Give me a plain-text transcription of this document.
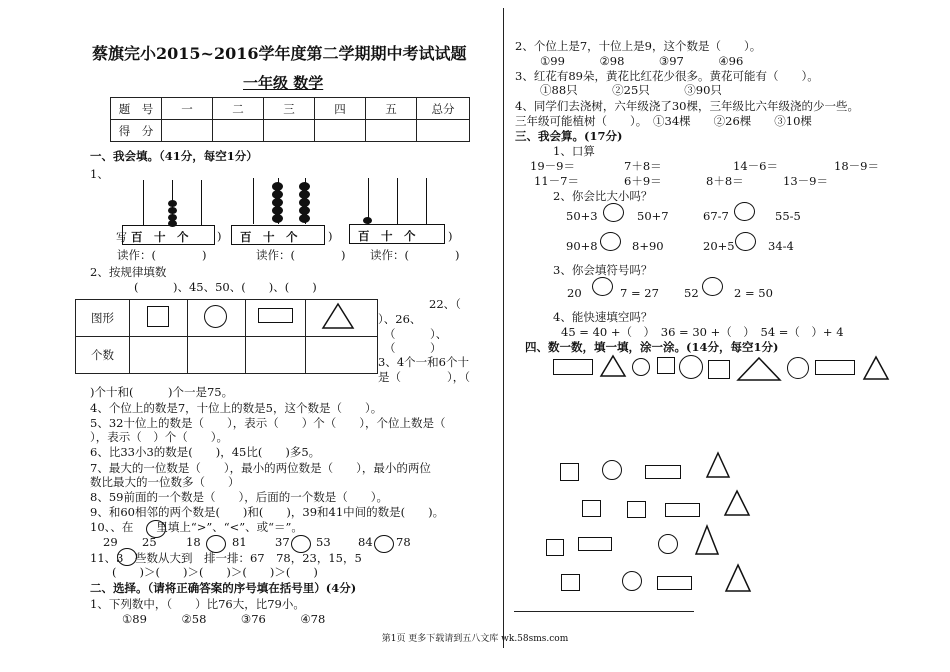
蔡旗完小2015~2016学年度第二学期期中考试试题
一年级 数学
题　号	一	二	三	四	五	总分
得　分						
一、我会填。（41分，每空1分）
1、
百　十　个
写	)	百　十　个	)	百　十　个	)
读作：(　　　　)	读作：(　　　　) 读作：(　　　　)
2、按规律填数
(　　　)、45、50、(　　)、(　　)
图形				
个数				
22、（
）、26、
（　　　）、
（　　　）
3、4个一和6个十
是（　　　　），（
)个十和(　　　)个一是75。
4、个位上的数是7，十位上的数是5，这个数是（　　）。
5、32十位上的数是（　　），表示（　　）个（　　），个位上数是（
），表示（　）个（　　）。
6、比33小3的数是(　　)，45比(　　)多5。
7、最大的一位数是（　　），最小的两位数是（　　），最小的两位
数比最大的一位数多（　　）
8、59前面的一个数是（　　），后面的一个数是（　　）。
9、和60相邻的两个数是(　　)和(　　)，39和41中间的数是(　　)。
10、、在　　里填上“>”、“<”、或“＝”。
29 25	18	81 37 53 84 78
11、3　些数从大到　排一排：67　78，23，15，5
(　　)＞(　　)＞(　　)＞(　　)＞(　　)
二、选择。（请将正确答案的序号填在括号里）(4分)
1、下列数中，（　　）比76大，比79小。
①89　　　②58　　　③76　　　④78
2、个位上是7，十位上是9，这个数是（　　）。
①99　　　②98　　　③97　　　④96
3、红花有89朵，黄花比红花少很多。黄花可能有（　　）。
①88只　　　②25只　　　③90只
4、同学们去浇树，六年级浇了30棵，三年级比六年级浇的少一些。
三年级可能植树（　　）。　①34棵　　②26棵　　③10棵
三、我会算。(17分)
1、口算
19－9＝	7＋8＝	14－6＝	18－9＝
11－7＝	6＋9＝	8＋8＝	13－9＝
2、你会比大小吗？
50+3	50+7	67-7	55-5
90+8	8+90	20+5	34-4
3、你会填符号吗？
20	7 = 27 52	2 = 50
4、能快速填空吗？
45 = 40 +（　）　36 = 30 +（　）　54 =（　）+ 4
四、数一数，填一填，涂一涂。(14分，每空1分)
第1页 更多下载请到五八文库 wk.58sms.com
